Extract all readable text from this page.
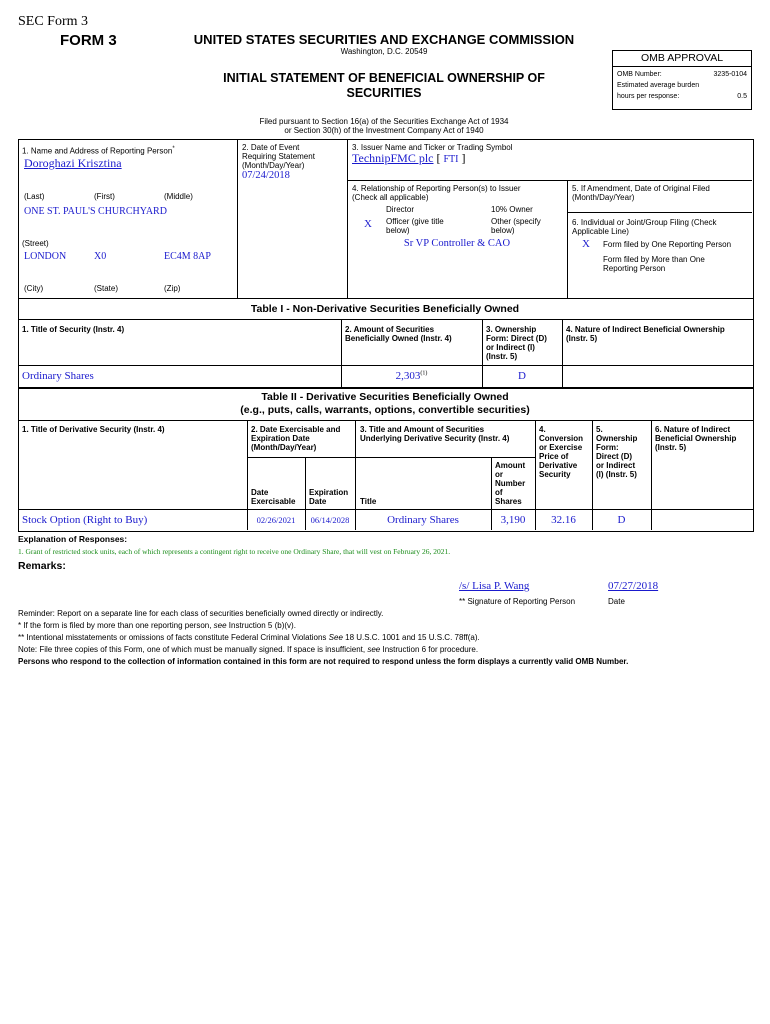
SEC Form 3
FORM 3	UNITED STATES SECURITIES AND EXCHANGE COMMISSION
Washington, D.C. 20549
INITIAL STATEMENT OF BENEFICIAL OWNERSHIP OF
SECURITIES
Filed pursuant to Section 16(a) of the Securities Exchange Act of 1934
or Section 30(h) of the Investment Company Act of 1940
OMB APPROVAL
OMB Number:	3235-0104
Estimated average burden
hours per response:	0.5
1. Name and Address of Reporting Person*
Doroghazi Krisztina
(Last)	(First)	(Middle)
ONE ST. PAUL'S CHURCHYARD
(Street)
LONDON	X0	EC4M 8AP
(City)	(State)	(Zip)
2. Date of Event
Requiring Statement
(Month/Day/Year)
07/24/2018
3. Issuer Name and Ticker or Trading Symbol
TechnipFMC plc [ FTI ]
4. Relationship of Reporting Person(s) to Issuer
(Check all applicable)
Director	10% Owner
X Officer (give title
below)
Other (specify
below)
Sr VP Controller & CAO
5. If Amendment, Date of Original Filed
(Month/Day/Year)
6. Individual or Joint/Group Filing (Check
Applicable Line)
X Form filed by One Reporting Person
Form filed by More than One
Reporting Person
Table I - Non-Derivative Securities Beneficially Owned
1. Title of Security (Instr. 4)	2. Amount of Securities
Beneficially Owned (Instr. 4)
3. Ownership
Form: Direct (D)
or Indirect (I)
(Instr. 5)
4. Nature of Indirect Beneficial Ownership
(Instr. 5)
Ordinary Shares	2,303$^{(1)}$	D
Table II - Derivative Securities Beneficially Owned
(e.g., puts, calls, warrants, options, convertible securities)
1. Title of Derivative Security (Instr. 4)	2. Date Exercisable and
Expiration Date
(Month/Day/Year)
3. Title and Amount of Securities
Underlying Derivative Security (Instr. 4)
4.
Conversion
or Exercise
Price of
Derivative
Security
5.
Ownership
Form:
Direct (D)
or Indirect
(I) (Instr. 5)
6. Nature of Indirect
Beneficial Ownership
(Instr. 5)
Date
Exercisable
Expiration
Date	Title
Amount
or
Number
of
Shares
Stock Option (Right to Buy)	02/26/2021	06/14/2028	Ordinary Shares	3,190	32.16	D
Explanation of Responses:
1. Grant of restricted stock units, each of which represents a contingent right to receive one Ordinary Share, that will vest on February 26, 2021.
Remarks:
/s/ Lisa P. Wang	07/27/2018
** Signature of Reporting Person	Date
Reminder: Report on a separate line for each class of securities beneficially owned directly or indirectly.
* If the form is filed by more than one reporting person, see Instruction 5 (b)(v).
** Intentional misstatements or omissions of facts constitute Federal Criminal Violations See 18 U.S.C. 1001 and 15 U.S.C. 78ff(a).
Note: File three copies of this Form, one of which must be manually signed. If space is insufficient, see Instruction 6 for procedure.
Persons who respond to the collection of information contained in this form are not required to respond unless the form displays a currently valid OMB Number.
